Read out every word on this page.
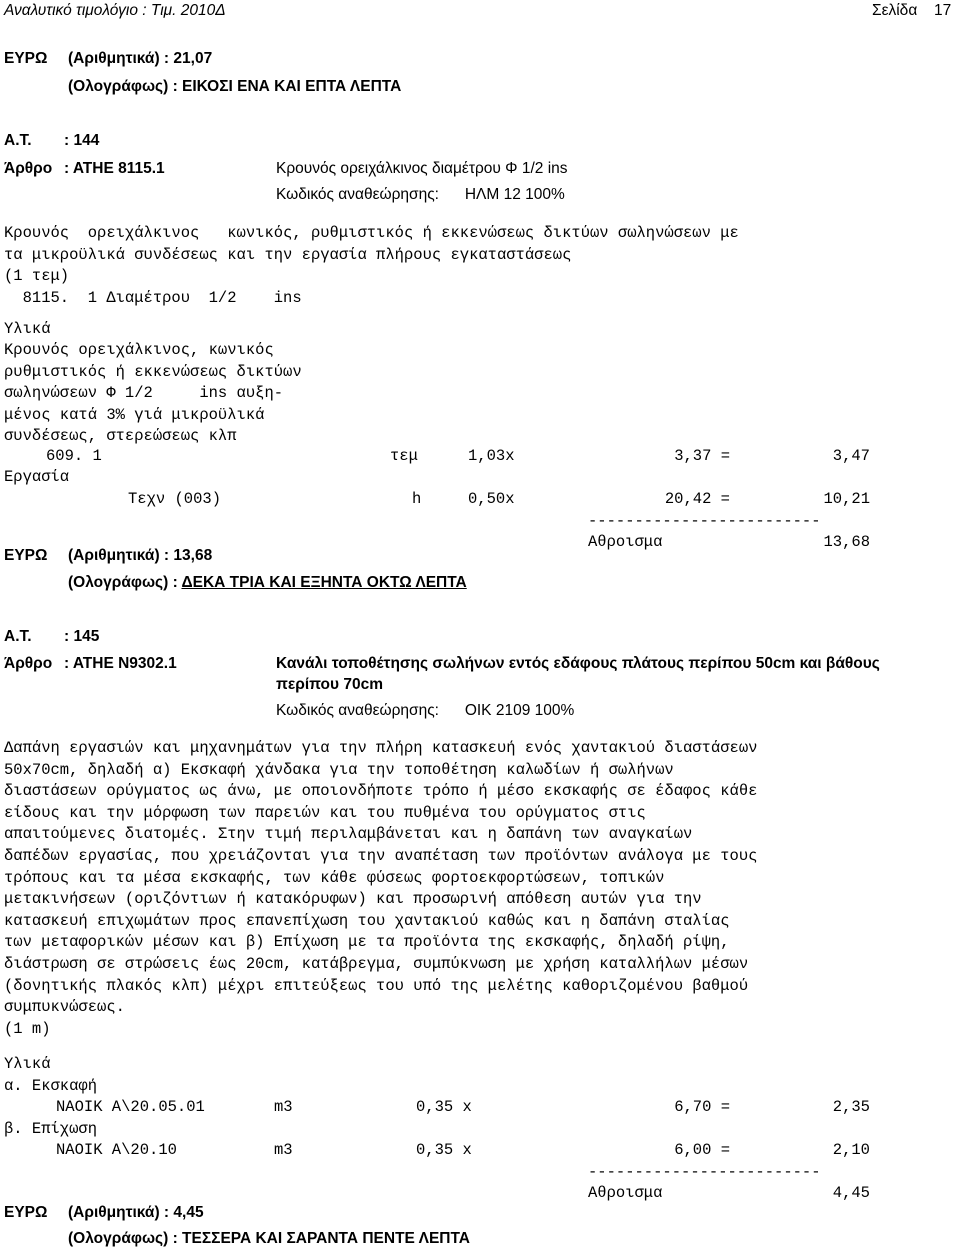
Αναλυτικό τιμολόγιο : Τιμ. 2010Δ	Σελίδα 17
ΕΥΡΩ (Αριθμητικά) : 21,07
(Ολογράφως) : ΕΙΚΟΣΙ ΕΝΑ ΚΑΙ ΕΠΤΑ ΛΕΠΤΑ
Α.Τ. : 144
Άρθρο : ΑΤΗΕ 8115.1	Κρουνός ορειχάλκινος διαμέτρου Φ 1/2 ins
Κωδικός αναθεώρησης:      ΗΛΜ 12 100%
Κρουνός  ορειχάλκινος   κωνικός, ρυθμιστικός ή εκκενώσεως δικτύων σωληνώσεων με
τα μικροϋλικά συνδέσεως και την εργασία πλήρους εγκαταστάσεως
(1 τεμ)
8115.  1 Διαμέτρου  1/2    ins
Υλικά
Κρουνός ορειχάλκινος, κωνικός
ρυθμιστικός ή εκκενώσεως δικτύων
σωληνώσεων Φ 1/2     ins αυξη-
μένος κατά 3% γιά μικροϋλικά
συνδέσεως, στερεώσεως κλπ
609. 1	τεμ	1,03x	3,37 =	3,47
Εργασία
Τεχν (003)	h	0,50x	20,42 =	10,21
-------------------------
Αθροισμα	13,68
ΕΥΡΩ (Αριθμητικά) : 13,68
(Ολογράφως) : ΔΕΚΑ ΤΡΙΑ ΚΑΙ ΕΞΗΝΤΑ ΟΚΤΩ ΛΕΠΤΑ
Α.Τ. : 145
Άρθρο : ΑΤΗΕ Ν9302.1	Κανάλι τοποθέτησης σωλήνων εντός εδάφους πλάτους περίπου 50cm και βάθους
περίπου 70cm
Κωδικός αναθεώρησης:      ΟΙΚ 2109 100%
Δαπάνη εργασιών και μηχανημάτων για την πλήρη κατασκευή ενός χαντακιού διαστάσεων
50x70cm, δηλαδή α) Εκσκαφή χάνδακα για την τοποθέτηση καλωδίων ή σωλήνων
διαστάσεων ορύγματος ως άνω, με οποιονδήποτε τρόπο ή μέσο εκσκαφής σε έδαφος κάθε
είδους και την μόρφωση των παρειών και του πυθμένα του ορύγματος στις
απαιτούμενες διατομές. Στην τιμή περιλαμβάνεται και η δαπάνη των αναγκαίων
δαπέδων εργασίας, που χρειάζονται για την αναπέταση των προϊόντων ανάλογα με τους
τρόπους και τα μέσα εκσκαφής, των κάθε φύσεως φορτοεκφορτώσεων, τοπικών
μετακινήσεων (οριζόντιων ή κατακόρυφων) και προσωρινή απόθεση αυτών για την
κατασκευή επιχωμάτων προς επανεπίχωση του χαντακιού καθώς και η δαπάνη σταλίας
των μεταφορικών μέσων και β) Επίχωση με τα προϊόντα της εκσκαφής, δηλαδή ρίψη,
διάστρωση σε στρώσεις έως 20cm, κατάβρεγμα, συμπύκνωση με χρήση καταλλήλων μέσων
(δονητικής πλακός κλπ) μέχρι επιτεύξεως του υπό της μελέτης καθοριζομένου βαθμού
συμπυκνώσεως.
(1 m)
Υλικά
α. Εκσκαφή
ΝΑΟΙΚ Α\20.05.01	m3	0,35 x	6,70 =	2,35
β. Επίχωση
ΝΑΟΙΚ Α\20.10	m3	0,35 x	6,00 =	2,10
-------------------------
Αθροισμα	4,45
ΕΥΡΩ (Αριθμητικά) : 4,45
(Ολογράφως) : ΤΕΣΣΕΡΑ ΚΑΙ ΣΑΡΑΝΤΑ ΠΕΝΤΕ ΛΕΠΤΑ
